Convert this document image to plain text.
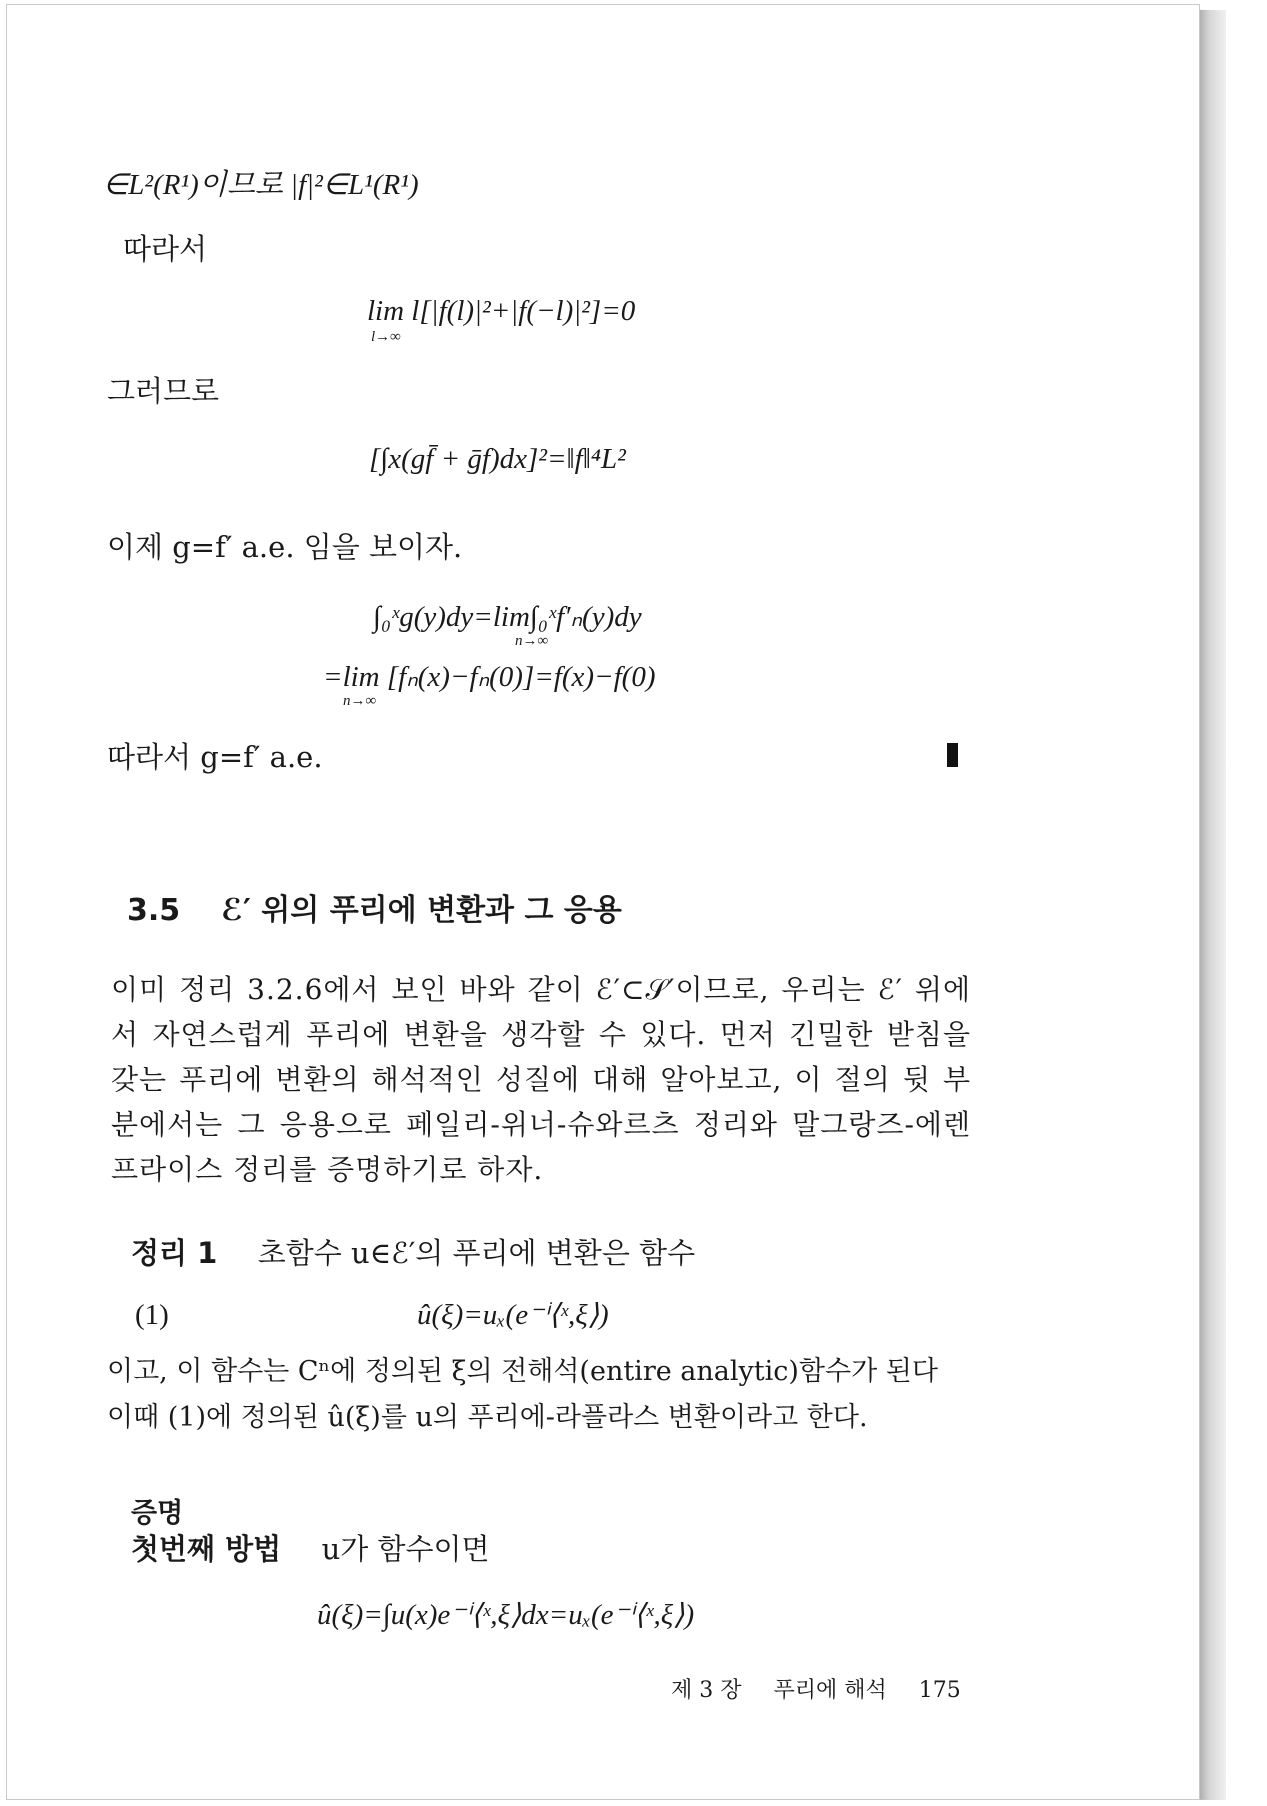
∈L²(R¹)이므로 |f|²∈L¹(R¹)
따라서
lim l[|f(l)|²+|f(−l)|²]=0
l→∞
그러므로
[∫x(gf̄ + ḡf)dx]²=‖f‖⁴L²
이제 g=f′ a.e. 임을 보이자.
∫₀ˣg(y)dy=lim∫₀ˣf′ₙ(y)dy
n→∞
=lim [fₙ(x)−fₙ(0)]=f(x)−f(0)
n→∞
따라서 g=f′ a.e.
3.5 ℰ′ 위의 푸리에 변환과 그 응용
이미 정리 3.2.6에서 보인 바와 같이 ℰ′⊂𝒮′이므로, 우리는 ℰ′ 위에서 자연스럽게 푸리에 변환을 생각할 수 있다. 먼저 긴밀한 받침을 갖는 푸리에 변환의 해석적인 성질에 대해 알아보고, 이 절의 뒷 부분에서는 그 응용으로 페일리-위너-슈와르츠 정리와 말그랑즈-에렌프라이스 정리를 증명하기로 하자.
정리 1 초함수 u∈ℰ′의 푸리에 변환은 함수
(1)	û(ξ)=uₓ(e⁻ⁱ⟨ˣ,ξ⟩)
이고, 이 함수는 Cⁿ에 정의된 ξ의 전해석(entire analytic)함수가 된다
이때 (1)에 정의된 û(ξ)를 u의 푸리에-라플라스 변환이라고 한다.
증명
첫번째 방법 u가 함수이면
û(ξ)=∫u(x)e⁻ⁱ⟨ˣ,ξ⟩dx=uₓ(e⁻ⁱ⟨ˣ,ξ⟩)
제 3 장 푸리에 해석 175
